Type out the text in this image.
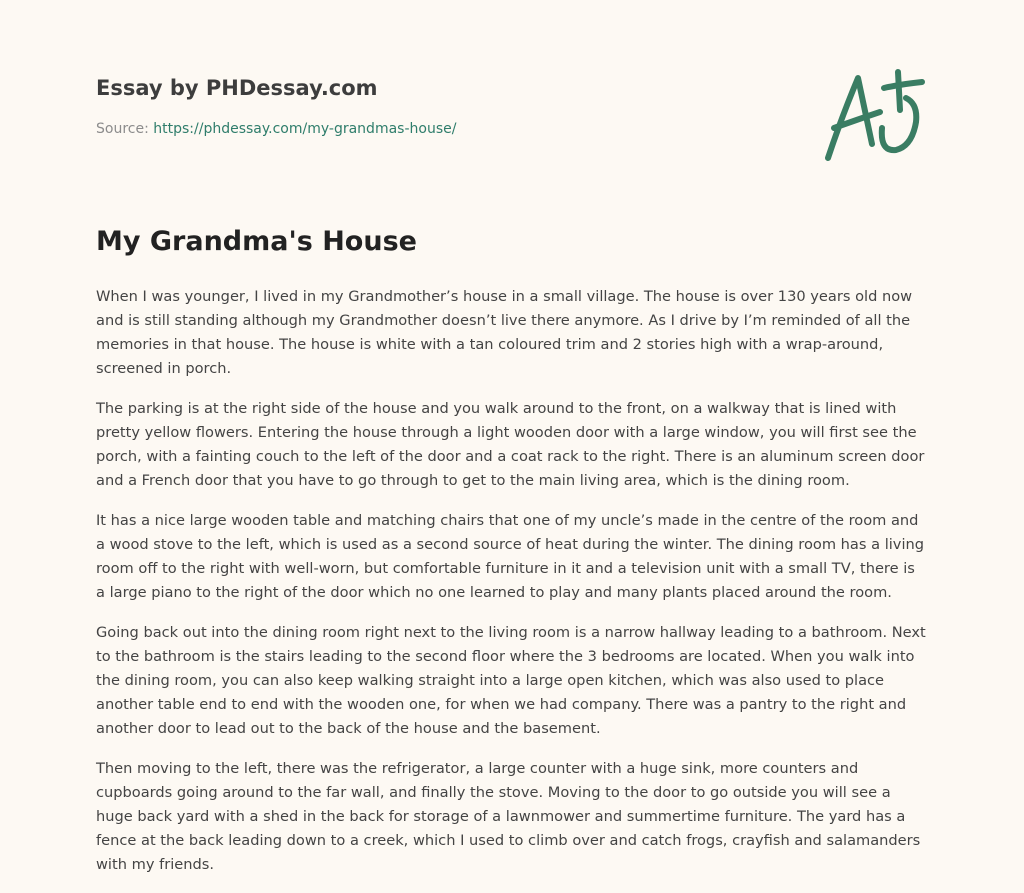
Essay by PHDessay.com
Source: https://phdessay.com/my-grandmas-house/
My Grandma's House

When I was younger, I lived in my Grandmother’s house in a small village. The house is over 130 years old now and is still standing although my Grandmother doesn’t live there anymore. As I drive by I’m reminded of all the memories in that house. The house is white with a tan coloured trim and 2 stories high with a wrap-around, screened in porch.

The parking is at the right side of the house and you walk around to the front, on a walkway that is lined with pretty yellow flowers. Entering the house through a light wooden door with a large window, you will first see the porch, with a fainting couch to the left of the door and a coat rack to the right. There is an aluminum screen door and a French door that you have to go through to get to the main living area, which is the dining room.

It has a nice large wooden table and matching chairs that one of my uncle’s made in the centre of the room and a wood stove to the left, which is used as a second source of heat during the winter. The dining room has a living room off to the right with well-worn, but comfortable furniture in it and a television unit with a small TV, there is a large piano to the right of the door which no one learned to play and many plants placed around the room.

Going back out into the dining room right next to the living room is a narrow hallway leading to a bathroom. Next to the bathroom is the stairs leading to the second floor where the 3 bedrooms are located. When you walk into the dining room, you can also keep walking straight into a large open kitchen, which was also used to place another table end to end with the wooden one, for when we had company. There was a pantry to the right and another door to lead out to the back of the house and the basement.

Then moving to the left, there was the refrigerator, a large counter with a huge sink, more counters and cupboards going around to the far wall, and finally the stove. Moving to the door to go outside you will see a huge back yard with a shed in the back for storage of a lawnmower and summertime furniture. The yard has a fence at the back leading down to a creek, which I used to climb over and catch frogs, crayfish and salamanders with my friends.
